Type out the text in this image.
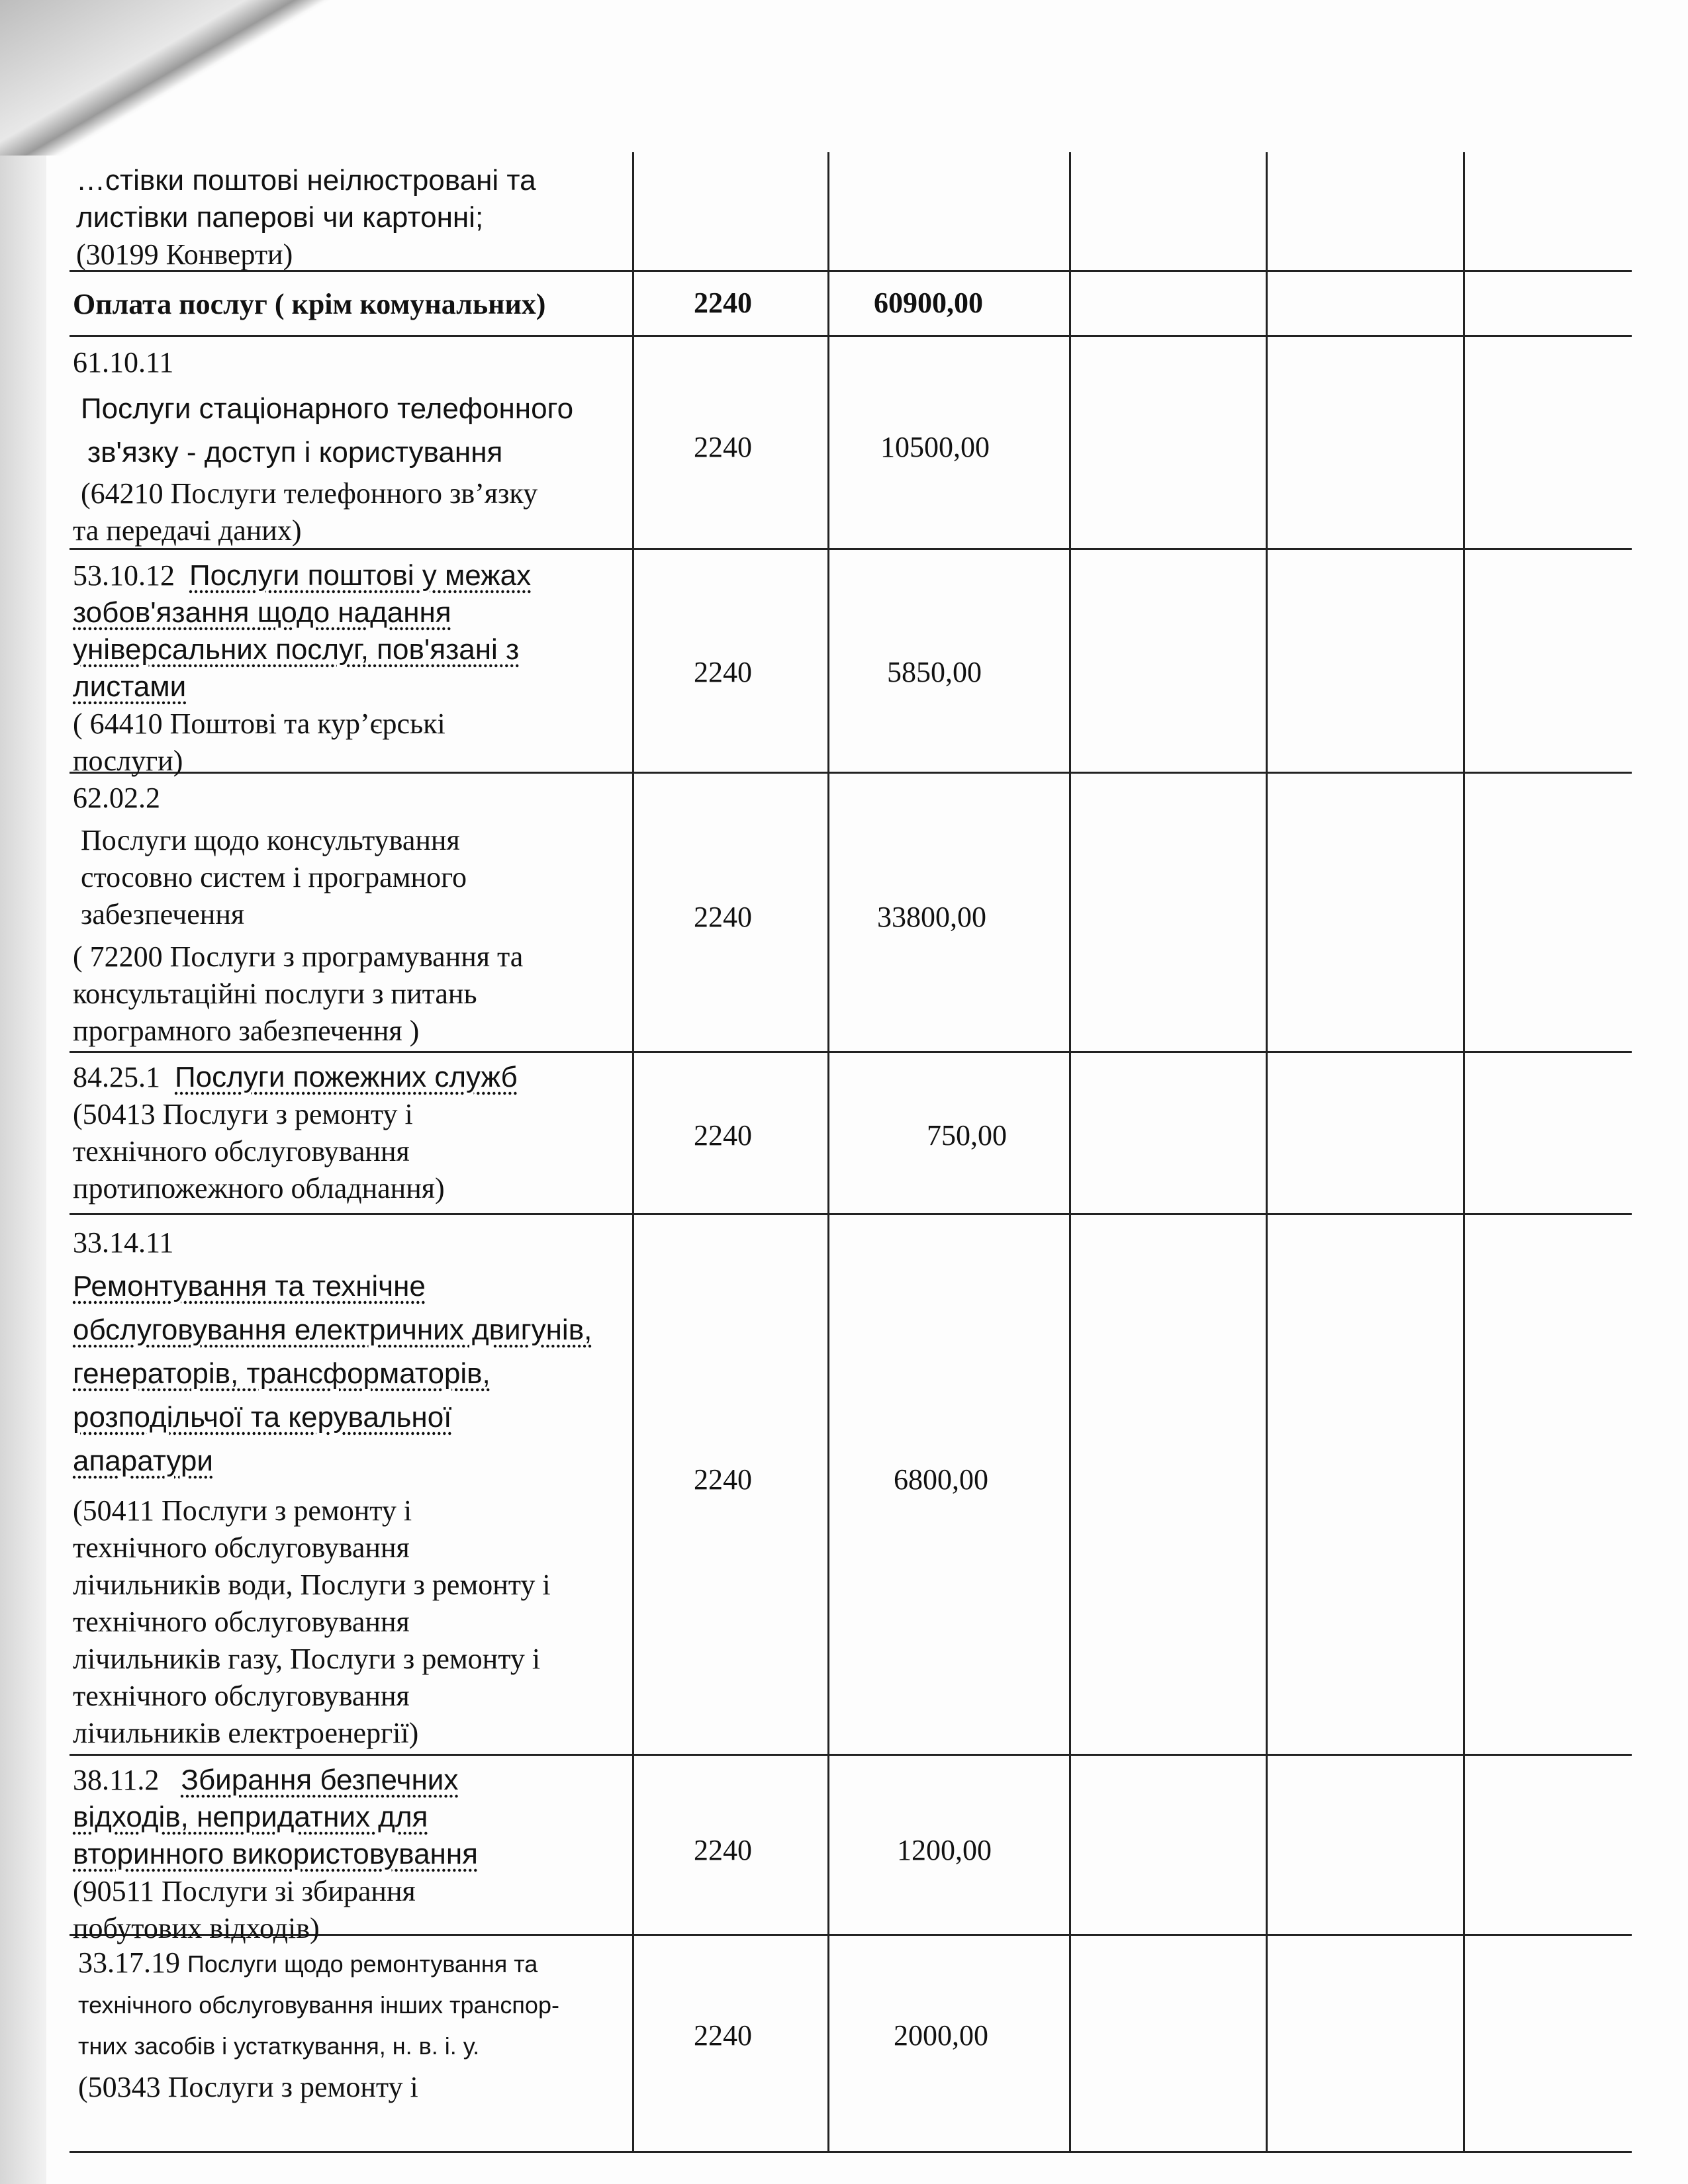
…стівки поштові неілюстровані та
листівки паперові чи картонні;
(30199 Конверти)
Оплата послуг ( крім комунальних)	2240	60900,00
61.10.11
Послуги стаціонарного телефонного
зв'язку - доступ і користування
(64210 Послуги телефонного зв’язку
та передачі даних)
2240	10500,00
53.10.12 Послуги поштові у межах
зобов'язання щодо надання
універсальних послуг, пов'язані з
листами
( 64410 Поштові та кур’єрські
послуги)
2240	5850,00
62.02.2
Послуги щодо консультування
стосовно систем і програмного
забезпечення
( 72200 Послуги з програмування та
консультаційні послуги з питань
програмного забезпечення )
2240	33800,00
84.25.1 Послуги пожежних служб
(50413 Послуги з ремонту і
технічного обслуговування
протипожежного обладнання)
2240	750,00
33.14.11
Ремонтування та технічне
обслуговування електричних двигунів,
генераторів, трансформаторів,
розподільчої та керувальної
апаратури
(50411 Послуги з ремонту і
технічного обслуговування
лічильників води, Послуги з ремонту і
технічного обслуговування
лічильників газу, Послуги з ремонту і
технічного обслуговування
лічильників електроенергії)
2240	6800,00
38.11.2 Збирання безпечних
відходів, непридатних для
вторинного використовування
(90511 Послуги зі збирання
побутових відходів)
2240	1200,00
33.17.19 Послуги щодо ремонтування та
технічного обслуговування інших транспор-
тних засобів і устаткування, н. в. і. у.
(50343 Послуги з ремонту і
2240	2000,00
